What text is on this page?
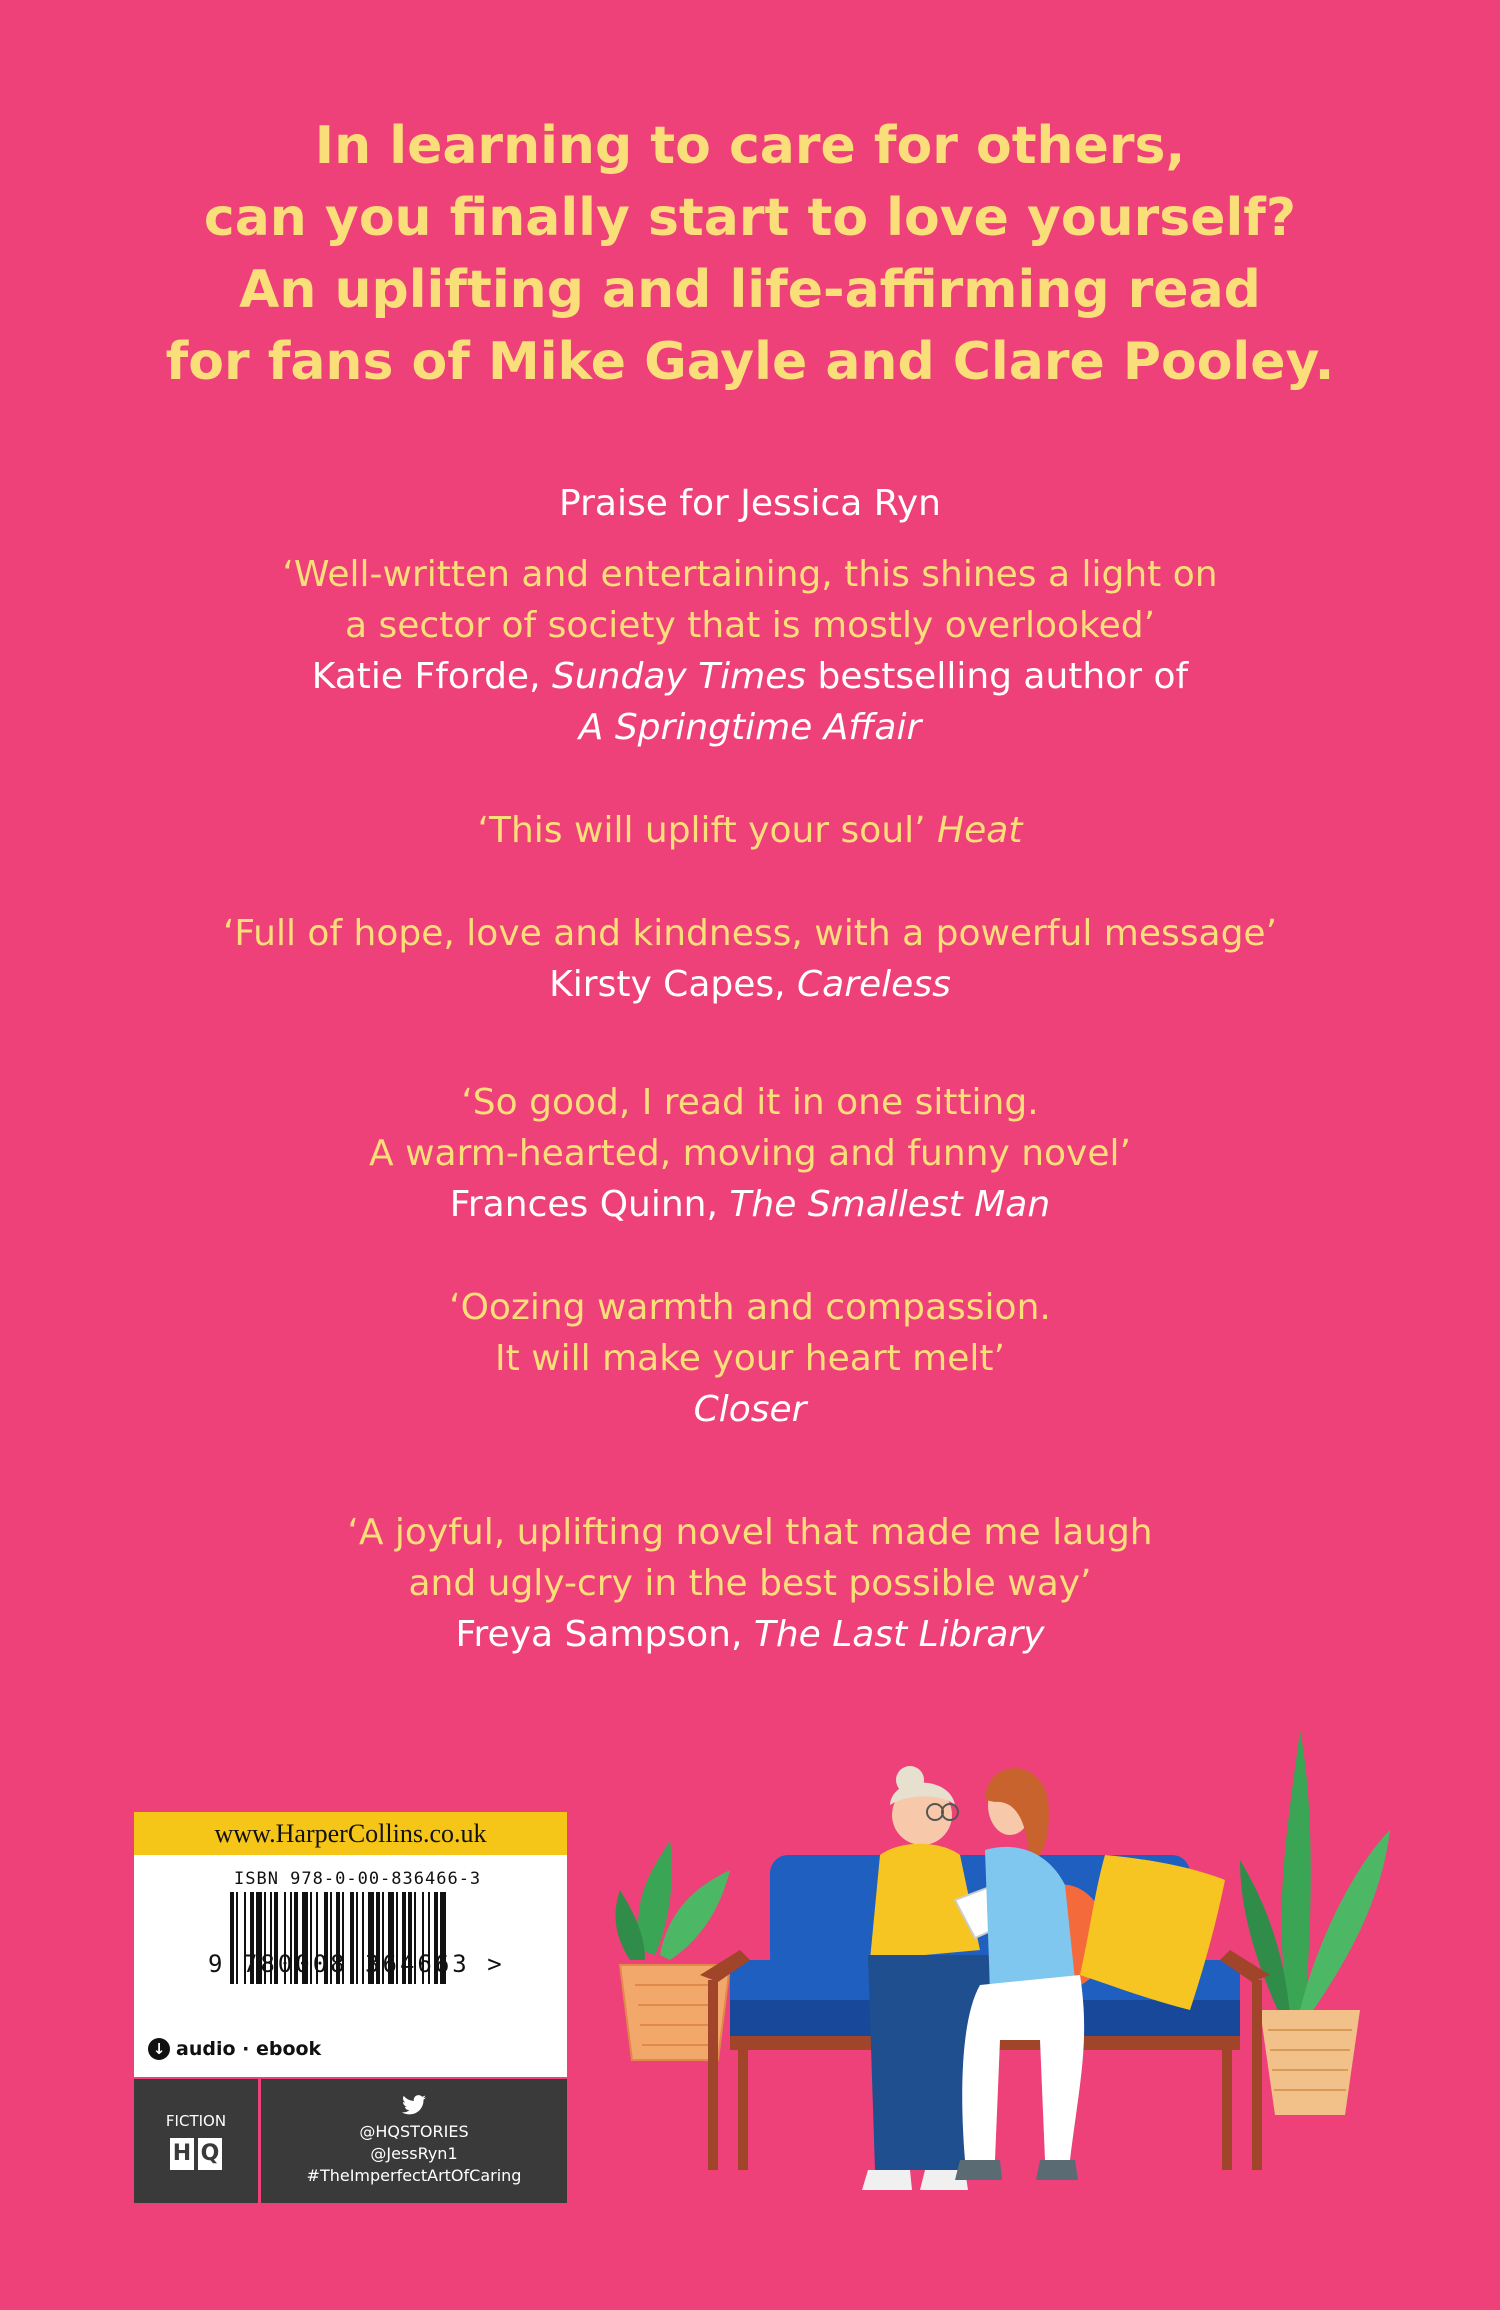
In learning to care for others,
can you finally start to love yourself?
An uplifting and life-affirming read
for fans of Mike Gayle and Clare Pooley.
Praise for Jessica Ryn
‘Well-written and entertaining, this shines a light on
a sector of society that is mostly overlooked’
Katie Fforde, Sunday Times bestselling author of
A Springtime Affair
‘This will uplift your soul’ Heat
‘Full of hope, love and kindness, with a powerful message’
Kirsty Capes, Careless
‘So good, I read it in one sitting.
A warm-hearted, moving and funny novel’
Frances Quinn, The Smallest Man
‘Oozing warmth and compassion.
It will make your heart melt’
Closer
‘A joyful, uplifting novel that made me laugh
and ugly-cry in the best possible way’
Freya Sampson, The Last Library
www.HarperCollins.co.uk
ISBN 978-0-00-836466-3
9 780008 364663 >
↓ audio · ebook
FICTION
H Q
@HQSTORIES
@JessRyn1
#TheImperfectArtOfCaring
